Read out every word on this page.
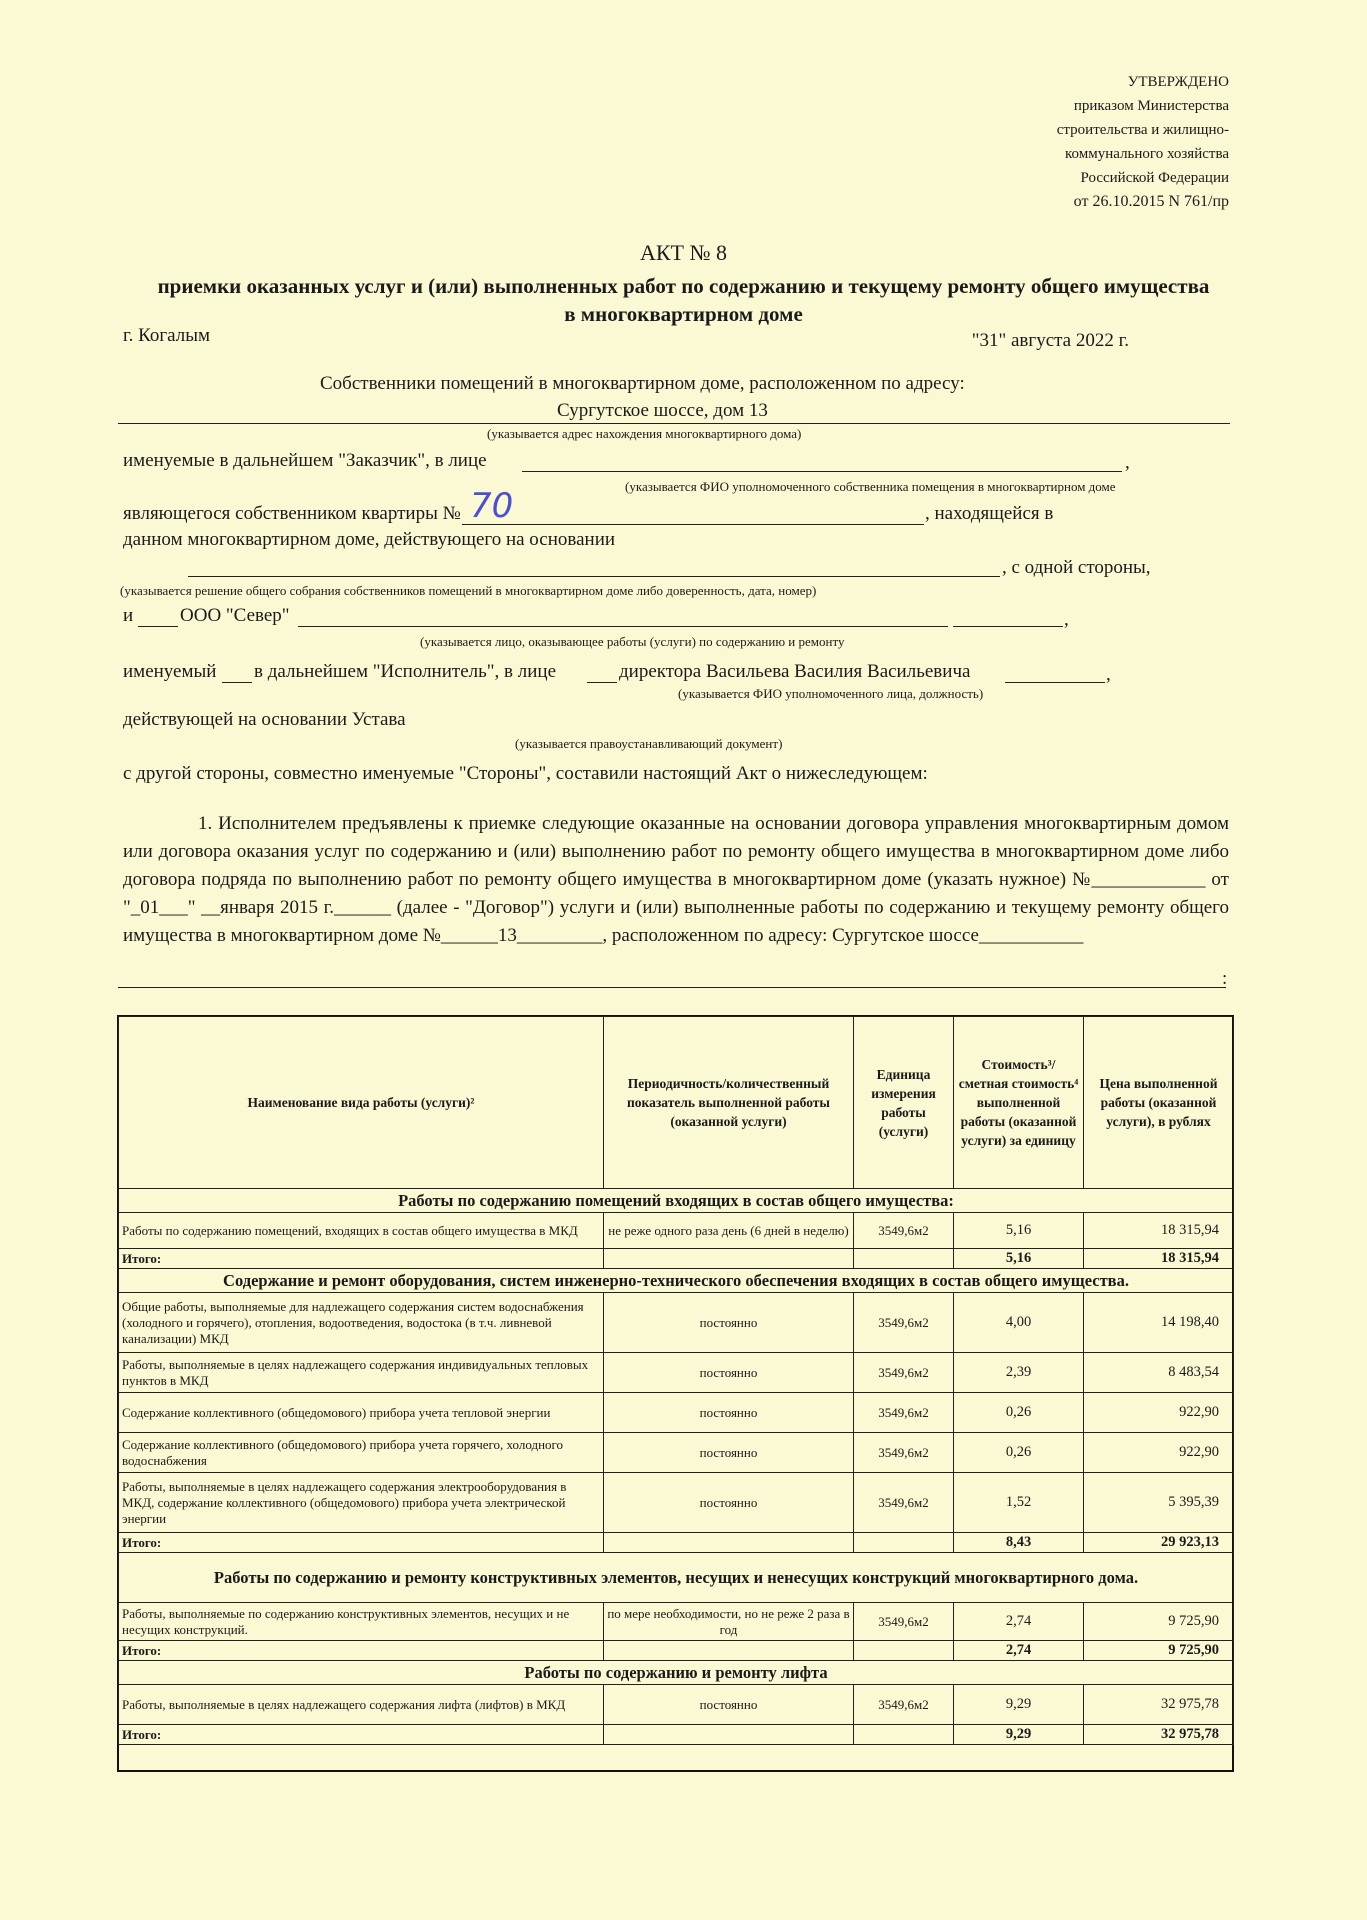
УТВЕРЖДЕНО
приказом Министерства
строительства и жилищно-
коммунального хозяйства
Российской Федерации
от 26.10.2015 N 761/пр
АКТ № 8
приемки оказанных услуг и (или) выполненных работ по содержанию и текущему ремонту общего имущества в многоквартирном доме
г. Когалым	"31" августа 2022 г.
Собственники помещений в многоквартирном доме, расположенном по адресу:
Сургутское шоссе, дом 13
(указывается адрес нахождения многоквартирного дома)
именуемые в дальнейшем "Заказчик", в лице	,
(указывается ФИО уполномоченного собственника помещения в многоквартирном доме
являющегося собственником квартиры № 70	, находящейся в
данном многоквартирном доме, действующего на основании
, с одной стороны,
(указывается решение общего собрания собственников помещений в многоквартирном доме либо доверенность, дата, номер)
и ООО "Север"	,
(указывается лицо, оказывающее работы (услуги) по содержанию и ремонту
именуемый в дальнейшем "Исполнитель", в лице	директора Васильева Василия Васильевича	,
(указывается ФИО уполномоченного лица, должность)
действующей на основании Устава
(указывается правоустанавливающий документ)
с другой стороны, совместно именуемые "Стороны", составили настоящий Акт о нижеследующем:
1. Исполнителем предъявлены к приемке следующие оказанные на основании договора управления многоквартирным домом или договора оказания услуг по содержанию и (или) выполнению работ по ремонту общего имущества в многоквартирном доме либо договора подряда по выполнению работ по ремонту общего имущества в многоквартирном доме (указать нужное) №____________ от "_01___" __января 2015 г.______ (далее - "Договор") услуги и (или) выполненные работы по содержанию и текущему ремонту общего имущества в многоквартирном доме №______13_________, расположенном по адресу: Сургутское шоссе___________
:
Наименование вида работы (услуги)²	Периодичность/количественный показатель выполненной работы (оказанной услуги)	Единица измерения работы (услуги)	Стоимость³/сметная стоимость⁴ выполненной работы (оказанной услуги) за единицу	Цена выполненной работы (оказанной услуги), в рублях
Работы по содержанию помещений входящих в состав общего имущества:				
Работы по содержанию помещений, входящих в состав общего имущества в МКД	не реже одного раза день (6 дней в неделю)	3549,6м2	5,16	18 315,94
Итого:			5,16	18 315,94
Содержание и ремонт оборудования, систем инженерно-технического обеспечения входящих в состав общего имущества.				
Общие работы, выполняемые для надлежащего содержания систем водоснабжения (холодного и горячего), отопления, водоотведения, водостока (в т.ч. ливневой канализации) МКД	постоянно	3549,6м2	4,00	14 198,40
Работы, выполняемые в целях надлежащего содержания индивидуальных тепловых пунктов в МКД	постоянно	3549,6м2	2,39	8 483,54
Содержание коллективного (общедомового) прибора учета тепловой энергии	постоянно	3549,6м2	0,26	922,90
Содержание коллективного (общедомового) прибора учета горячего, холодного водоснабжения	постоянно	3549,6м2	0,26	922,90
Работы, выполняемые в целях надлежащего содержания электрооборудования в МКД, содержание коллективного (общедомового) прибора учета электрической энергии	постоянно	3549,6м2	1,52	5 395,39
Итого:			8,43	29 923,13
Работы по содержанию и ремонту конструктивных элементов, несущих и ненесущих конструкций многоквартирного дома.				
Работы, выполняемые по содержанию конструктивных элементов, несущих и не несущих конструкций.	по мере необходимости, но не реже 2 раза в год	3549,6м2	2,74	9 725,90
Итого:			2,74	9 725,90
Работы по содержанию и ремонту лифта				
Работы, выполняемые в целях надлежащего содержания лифта (лифтов) в МКД	постоянно	3549,6м2	9,29	32 975,78
Итого:			9,29	32 975,78
